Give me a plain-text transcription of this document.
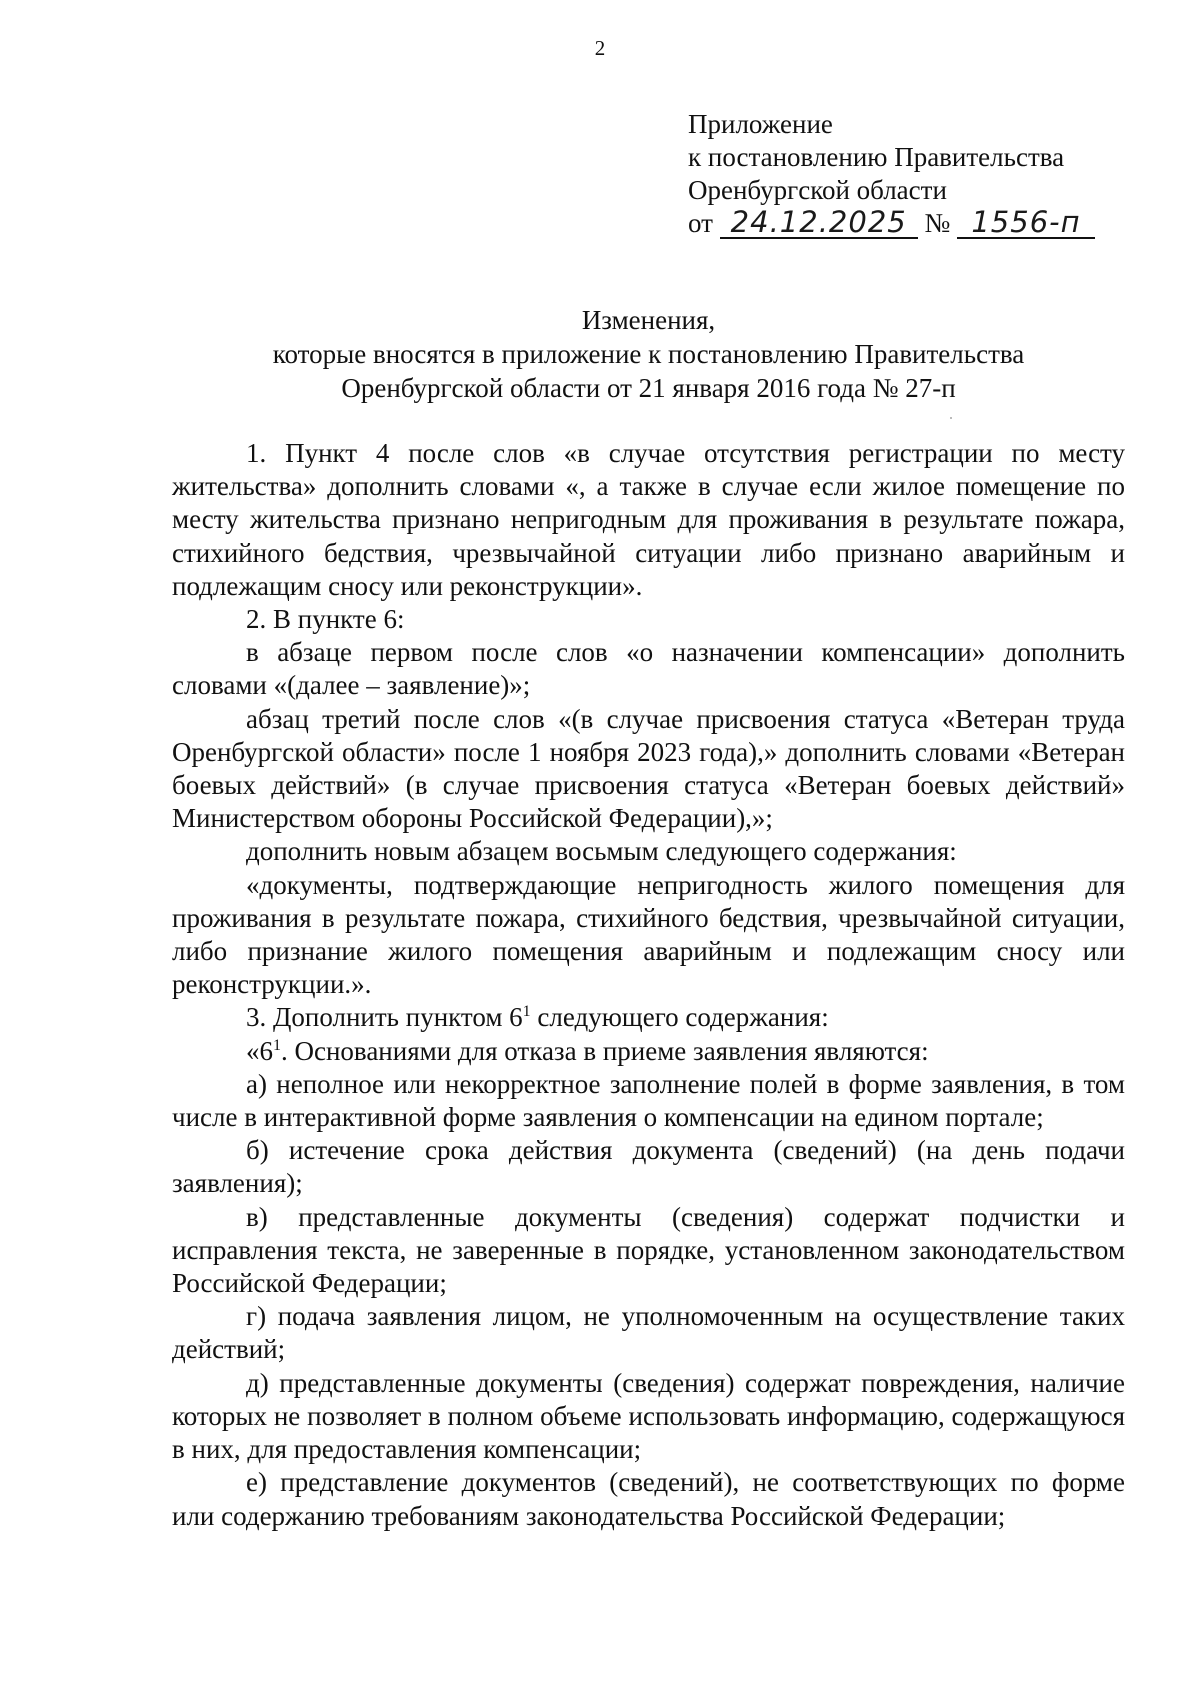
2
Приложение
к постановлению Правительства
Оренбургской области
от 24.12.2025 № 1556-п
Изменения,
которые вносятся в приложение к постановлению Правительства
Оренбургской области от 21 января 2016 года № 27-п

1. Пункт 4 после слов «в случае отсутствия регистрации по месту жительства» дополнить словами «, а также в случае если жилое помещение по месту жительства признано непригодным для проживания в результате пожара, стихийного бедствия, чрезвычайной ситуации либо признано аварийным и подлежащим сносу или реконструкции».

2. В пункте 6:

в абзаце первом после слов «о назначении компенсации» дополнить словами «(далее – заявление)»;

абзац третий после слов «(в случае присвоения статуса «Ветеран труда Оренбургской области» после 1 ноября 2023 года),» дополнить словами «Ветеран боевых действий» (в случае присвоения статуса «Ветеран боевых действий» Министерством обороны Российской Федерации),»;

дополнить новым абзацем восьмым следующего содержания:

«документы, подтверждающие непригодность жилого помещения для проживания в результате пожара, стихийного бедствия, чрезвычайной ситуации, либо признание жилого помещения аварийным и подлежащим сносу или реконструкции.».

3. Дополнить пунктом $6^1$ следующего содержания:

«$6^1$. Основаниями для отказа в приеме заявления являются:

а) неполное или некорректное заполнение полей в форме заявления, в том числе в интерактивной форме заявления о компенсации на едином портале;

б) истечение срока действия документа (сведений) (на день подачи заявления);

в) представленные документы (сведения) содержат подчистки и исправления текста, не заверенные в порядке, установленном законодательством Российской Федерации;

г) подача заявления лицом, не уполномоченным на осуществление таких действий;

д) представленные документы (сведения) содержат повреждения, наличие которых не позволяет в полном объеме использовать информацию, содержащуюся в них, для предоставления компенсации;

е) представление документов (сведений), не соответствующих по форме или содержанию требованиям законодательства Российской Федерации;
